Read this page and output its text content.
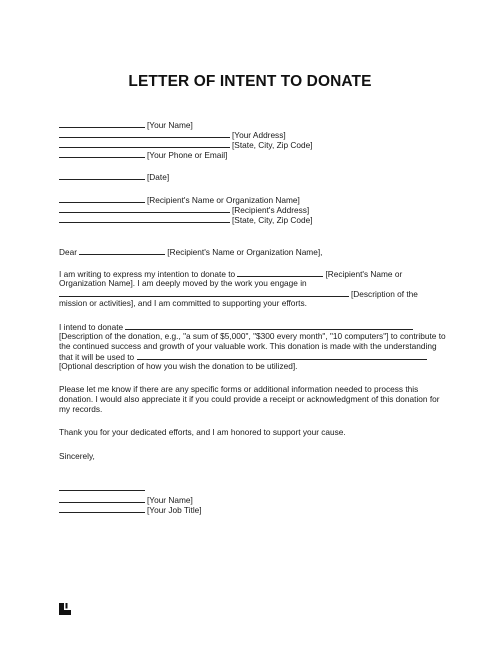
LETTER OF INTENT TO DONATE
[Your Name]
[Your Address]
[State, City, Zip Code]
[Your Phone or Email]
[Date]
[Recipient's Name or Organization Name]
[Recipient's Address]
[State, City, Zip Code]
Dear	[Recipient's Name or Organization Name],
I am writing to express my intention to donate to	[Recipient's Name or
Organization Name]. I am deeply moved by the work you engage in
[Description of the
mission or activities], and I am committed to supporting your efforts.
I intend to donate
[Description of the donation, e.g., "a sum of $5,000", "$300 every month", "10 computers"] to contribute to
the continued success and growth of your valuable work. This donation is made with the understanding
that it will be used to
[Optional description of how you wish the donation to be utilized].
Please let me know if there are any specific forms or additional information needed to process this
donation. I would also appreciate it if you could provide a receipt or acknowledgment of this donation for
my records.
Thank you for your dedicated efforts, and I am honored to support your cause.
Sincerely,
[Your Name]
[Your Job Title]
